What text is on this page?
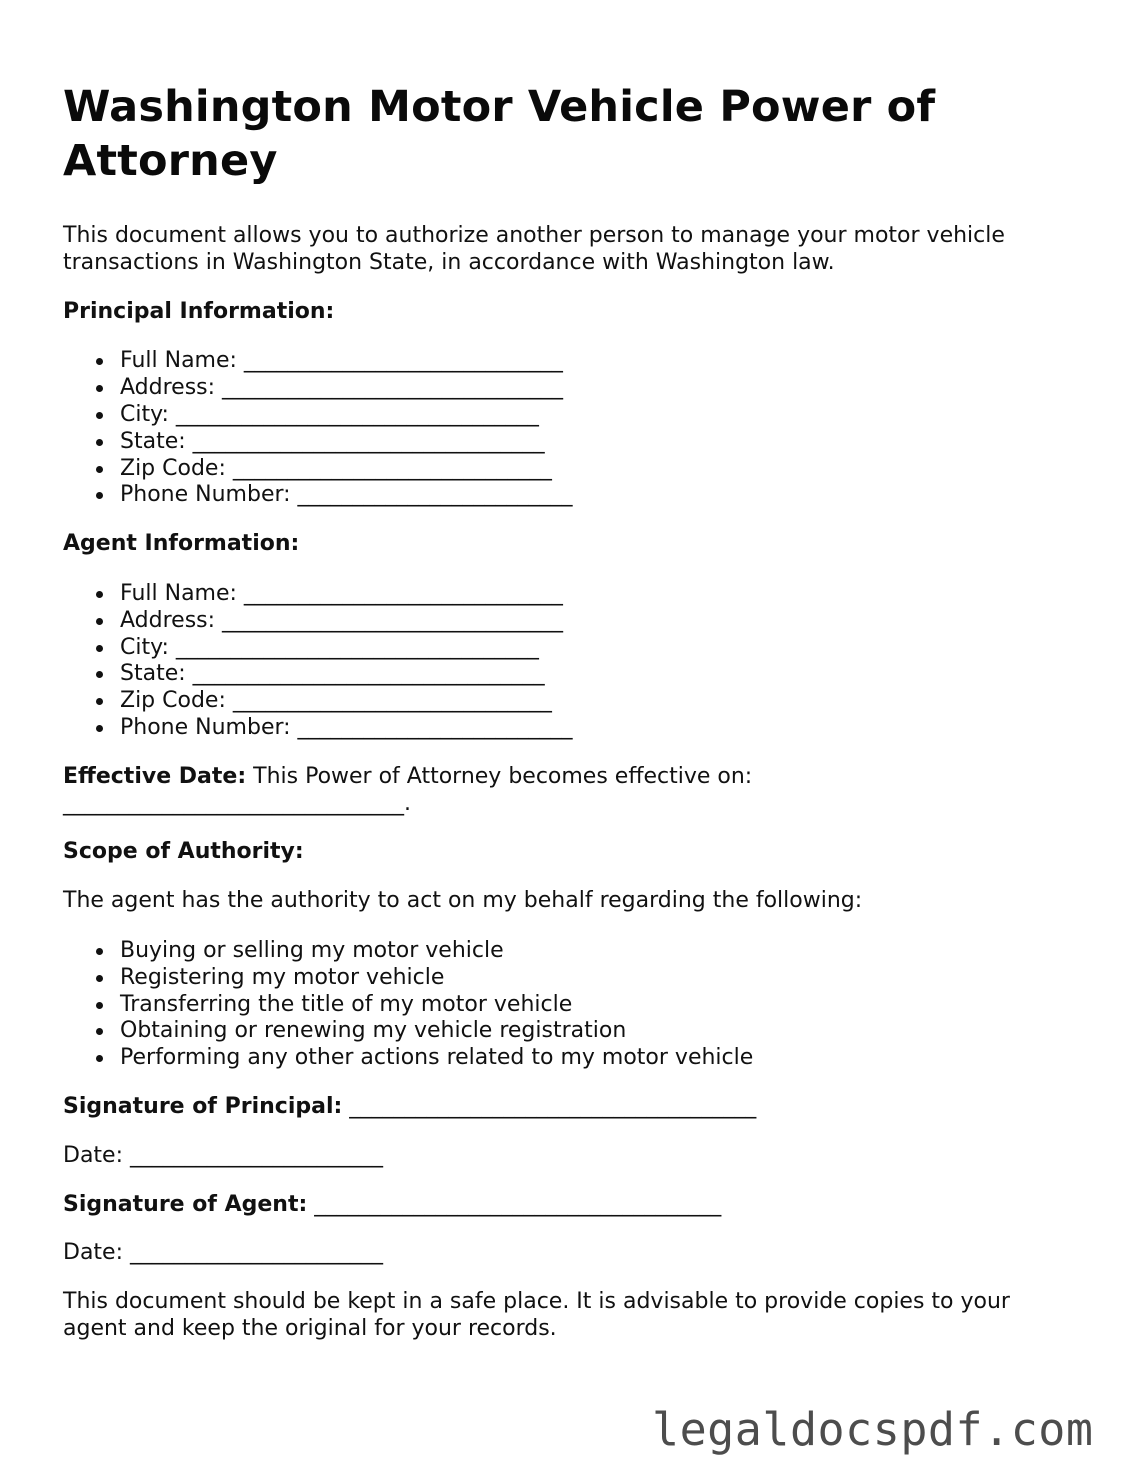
Washington Motor Vehicle Power of Attorney

This document allows you to authorize another person to manage your motor vehicle transactions in Washington State, in accordance with Washington law.

Principal Information:

Full Name: _____________________________
Address: _______________________________
City: _________________________________
State: ________________________________
Zip Code: _____________________________
Phone Number: _________________________

Agent Information:

Full Name: _____________________________
Address: _______________________________
City: _________________________________
State: ________________________________
Zip Code: _____________________________
Phone Number: _________________________

Effective Date: This Power of Attorney becomes effective on: _______________________________.

Scope of Authority:

The agent has the authority to act on my behalf regarding the following:

Buying or selling my motor vehicle
Registering my motor vehicle
Transferring the title of my motor vehicle
Obtaining or renewing my vehicle registration
Performing any other actions related to my motor vehicle

Signature of Principal: _____________________________________

Date: _______________________

Signature of Agent: _____________________________________

Date: _______________________

This document should be kept in a safe place. It is advisable to provide copies to your agent and keep the original for your records.

legaldocspdf.com
